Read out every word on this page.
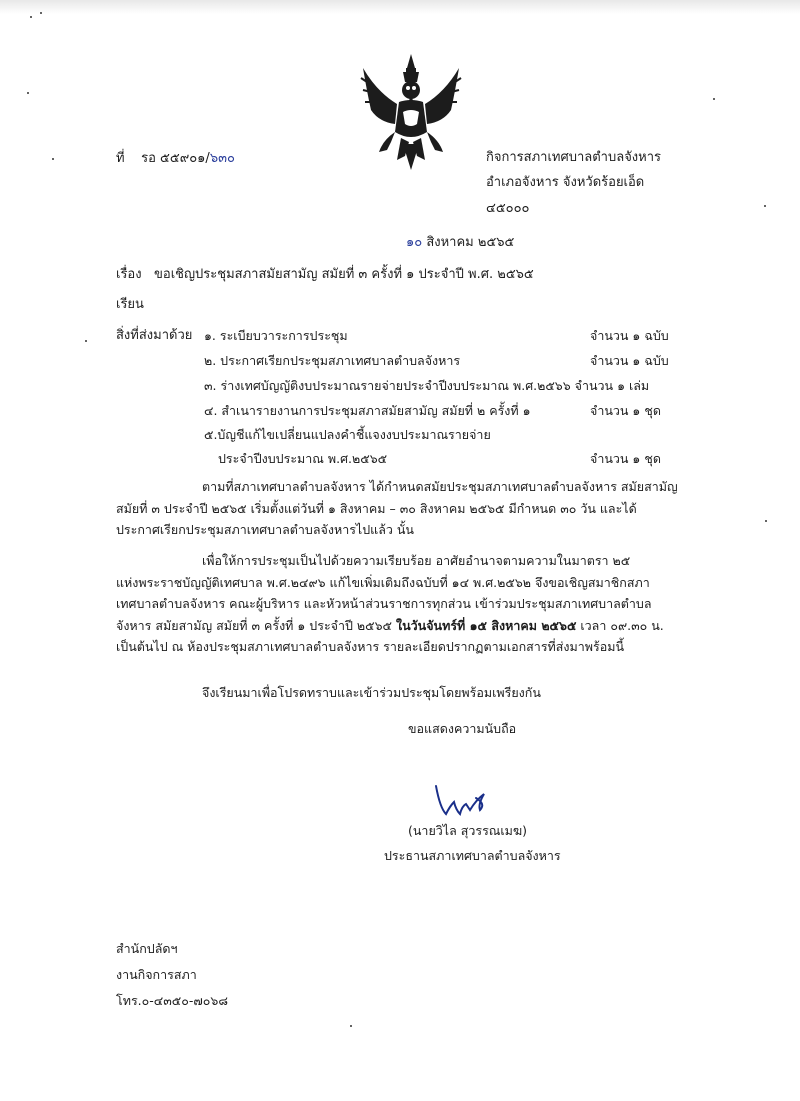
ที่ รอ ๕๕๙๐๑/๖๓๐	กิจการสภาเทศบาลตำบลจังหาร
อำเภอจังหาร จังหวัดร้อยเอ็ด
๔๕๐๐๐
๑๐ สิงหาคม ๒๕๖๕
เรื่อง ขอเชิญประชุมสภาสมัยสามัญ สมัยที่ ๓ ครั้งที่ ๑ ประจำปี พ.ศ. ๒๕๖๕
เรียน
สิ่งที่ส่งมาด้วย ๑. ระเบียบวาระการประชุม	จำนวน ๑ ฉบับ
๒. ประกาศเรียกประชุมสภาเทศบาลตำบลจังหาร	จำนวน ๑ ฉบับ
๓. ร่างเทศบัญญัติงบประมาณรายจ่ายประจำปีงบประมาณ พ.ศ.๒๕๖๖ จำนวน ๑ เล่ม
๔. สำเนารายงานการประชุมสภาสมัยสามัญ สมัยที่ ๒ ครั้งที่ ๑	จำนวน ๑ ชุด
๕.บัญชีแก้ไขเปลี่ยนแปลงคำชี้แจงงบประมาณรายจ่าย
ประจำปีงบประมาณ พ.ศ.๒๕๖๕	จำนวน ๑ ชุด
ตามที่สภาเทศบาลตำบลจังหาร ได้กำหนดสมัยประชุมสภาเทศบาลตำบลจังหาร สมัยสามัญ
สมัยที่ ๓ ประจำปี ๒๕๖๕ เริ่มตั้งแต่วันที่ ๑ สิงหาคม – ๓๐ สิงหาคม ๒๕๖๕ มีกำหนด ๓๐ วัน และได้
ประกาศเรียกประชุมสภาเทศบาลตำบลจังหารไปแล้ว นั้น
เพื่อให้การประชุมเป็นไปด้วยความเรียบร้อย อาศัยอำนาจตามความในมาตรา ๒๕
แห่งพระราชบัญญัติเทศบาล พ.ศ.๒๔๙๖ แก้ไขเพิ่มเติมถึงฉบับที่ ๑๔ พ.ศ.๒๕๖๒ จึงขอเชิญสมาชิกสภา
เทศบาลตำบลจังหาร คณะผู้บริหาร และหัวหน้าส่วนราชการทุกส่วน เข้าร่วมประชุมสภาเทศบาลตำบล
จังหาร สมัยสามัญ สมัยที่ ๓ ครั้งที่ ๑ ประจำปี ๒๕๖๕ ในวันจันทร์ที่ ๑๕ สิงหาคม ๒๕๖๕ เวลา ๐๙.๓๐ น.
เป็นต้นไป ณ ห้องประชุมสภาเทศบาลตำบลจังหาร รายละเอียดปรากฏตามเอกสารที่ส่งมาพร้อมนี้
จึงเรียนมาเพื่อโปรดทราบและเข้าร่วมประชุมโดยพร้อมเพรียงกัน
ขอแสดงความนับถือ
(นายวิไล สุวรรณเมฆ)
ประธานสภาเทศบาลตำบลจังหาร
สำนักปลัดฯ
งานกิจการสภา
โทร.๐-๔๓๕๐-๗๐๖๘
